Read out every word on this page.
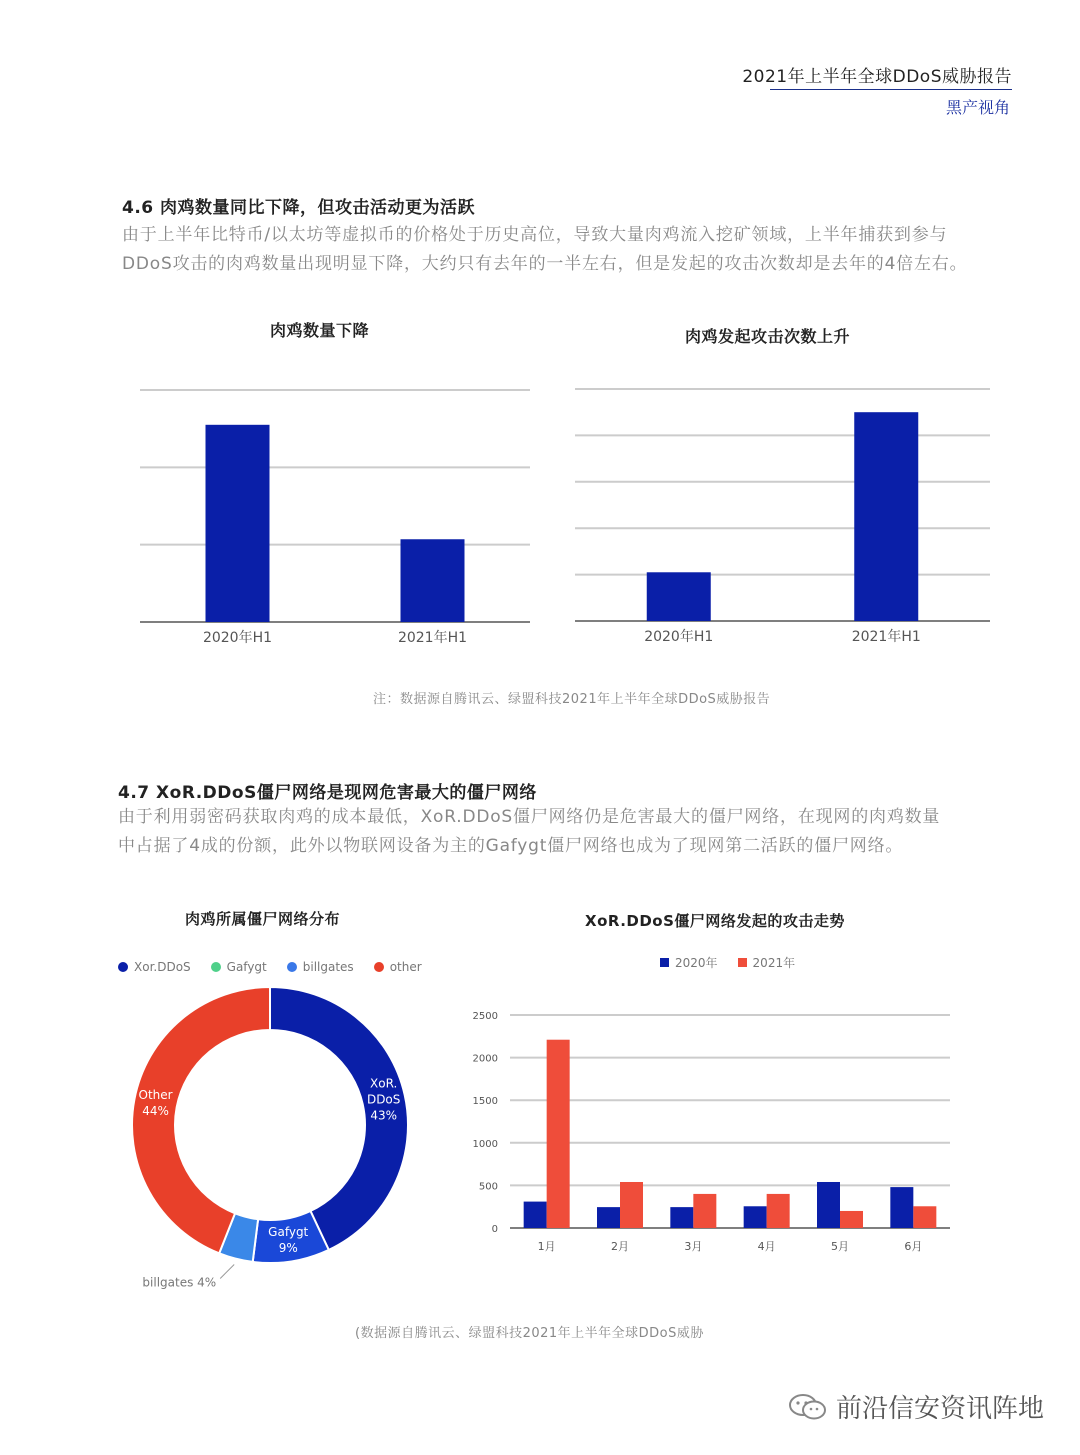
2021年上半年全球DDoS威胁报告
黑产视角
4.6 肉鸡数量同比下降，但攻击活动更为活跃
由于上半年比特币/以太坊等虚拟币的价格处于历史高位，导致大量肉鸡流入挖矿领域，上半年捕获到参与
DDoS攻击的肉鸡数量出现明显下降，大约只有去年的一半左右，但是发起的攻击次数却是去年的4倍左右。
肉鸡数量下降
2020年H1	2021年H1
肉鸡发起攻击次数上升
2020年H1	2021年H1
注：数据源自腾讯云、绿盟科技2021年上半年全球DDoS威胁报告
4.7 XoR.DDoS僵尸网络是现网危害最大的僵尸网络
由于利用弱密码获取肉鸡的成本最低，XoR.DDoS僵尸网络仍是危害最大的僵尸网络，在现网的肉鸡数量
中占据了4成的份额，此外以物联网设备为主的Gafygt僵尸网络也成为了现网第二活跃的僵尸网络。
肉鸡所属僵尸网络分布
Xor.DDoS	Gafygt	billgates	other
XoR. DDoS 43%
Gafygt 9%
billgates 4%
Other 44%
XoR.DDoS僵尸网络发起的攻击走势
2020年	2021年
0
500
1000
1500
2000
2500
1月	2月	3月	4月	5月	6月
(数据源自腾讯云、绿盟科技2021年上半年全球DDoS威胁
前沿信安资讯阵地
